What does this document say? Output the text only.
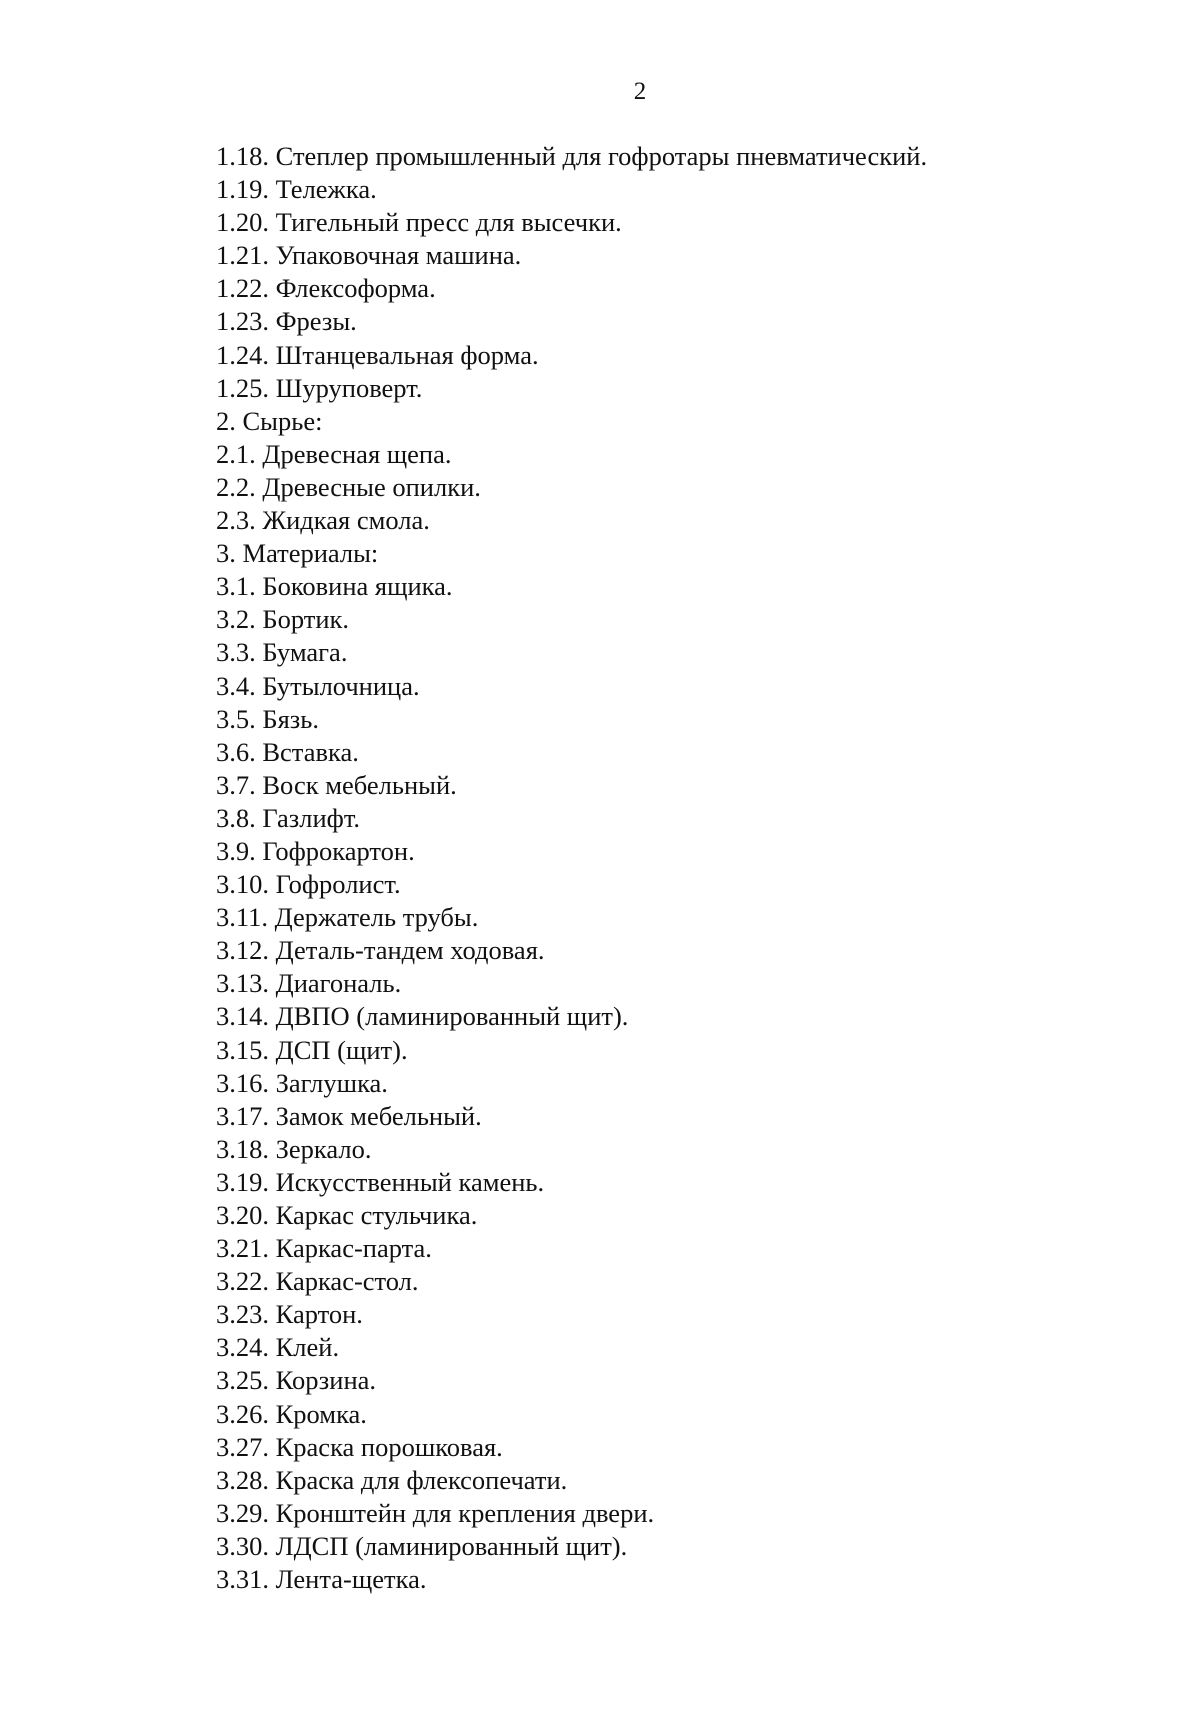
2
1.18. Степлер промышленный для гофротары пневматический.
1.19. Тележка.
1.20. Тигельный пресс для высечки.
1.21. Упаковочная машина.
1.22. Флексоформа.
1.23. Фрезы.
1.24. Штанцевальная форма.
1.25. Шуруповерт.
2. Сырье:
2.1. Древесная щепа.
2.2. Древесные опилки.
2.3. Жидкая смола.
3. Материалы:
3.1. Боковина ящика.
3.2. Бортик.
3.3. Бумага.
3.4. Бутылочница.
3.5. Бязь.
3.6. Вставка.
3.7. Воск мебельный.
3.8. Газлифт.
3.9. Гофрокартон.
3.10. Гофролист.
3.11. Держатель трубы.
3.12. Деталь-тандем ходовая.
3.13. Диагональ.
3.14. ДВПО (ламинированный щит).
3.15. ДСП (щит).
3.16. Заглушка.
3.17. Замок мебельный.
3.18. Зеркало.
3.19. Искусственный камень.
3.20. Каркас стульчика.
3.21. Каркас-парта.
3.22. Каркас-стол.
3.23. Картон.
3.24. Клей.
3.25. Корзина.
3.26. Кромка.
3.27. Краска порошковая.
3.28. Краска для флексопечати.
3.29. Кронштейн для крепления двери.
3.30. ЛДСП (ламинированный щит).
3.31. Лента-щетка.
